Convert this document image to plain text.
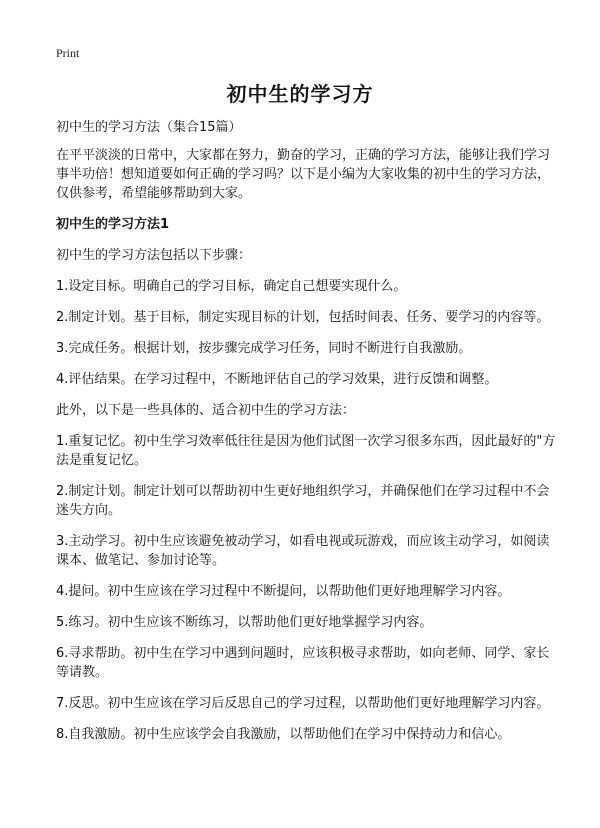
Print
初中生的学习方

初中生的学习方法（集合15篇）

在平平淡淡的日常中，大家都在努力，勤奋的学习，正确的学习方法，能够让我们学习事半功倍！想知道要如何正确的学习吗？以下是小编为大家收集的初中生的学习方法，仅供参考，希望能够帮助到大家。

初中生的学习方法1

初中生的学习方法包括以下步骤：

1.设定目标。明确自己的学习目标，确定自己想要实现什么。

2.制定计划。基于目标，制定实现目标的计划，包括时间表、任务、要学习的内容等。

3.完成任务。根据计划，按步骤完成学习任务，同时不断进行自我激励。

4.评估结果。在学习过程中，不断地评估自己的学习效果，进行反馈和调整。

此外，以下是一些具体的、适合初中生的学习方法：

1.重复记忆。初中生学习效率低往往是因为他们试图一次学习很多东西，因此最好的"方法是重复记忆。

2.制定计划。制定计划可以帮助初中生更好地组织学习，并确保他们在学习过程中不会迷失方向。

3.主动学习。初中生应该避免被动学习，如看电视或玩游戏，而应该主动学习，如阅读课本、做笔记、参加讨论等。

4.提问。初中生应该在学习过程中不断提问，以帮助他们更好地理解学习内容。

5.练习。初中生应该不断练习，以帮助他们更好地掌握学习内容。

6.寻求帮助。初中生在学习中遇到问题时，应该积极寻求帮助，如向老师、同学、家长等请教。

7.反思。初中生应该在学习后反思自己的学习过程，以帮助他们更好地理解学习内容。

8.自我激励。初中生应该学会自我激励，以帮助他们在学习中保持动力和信心。
